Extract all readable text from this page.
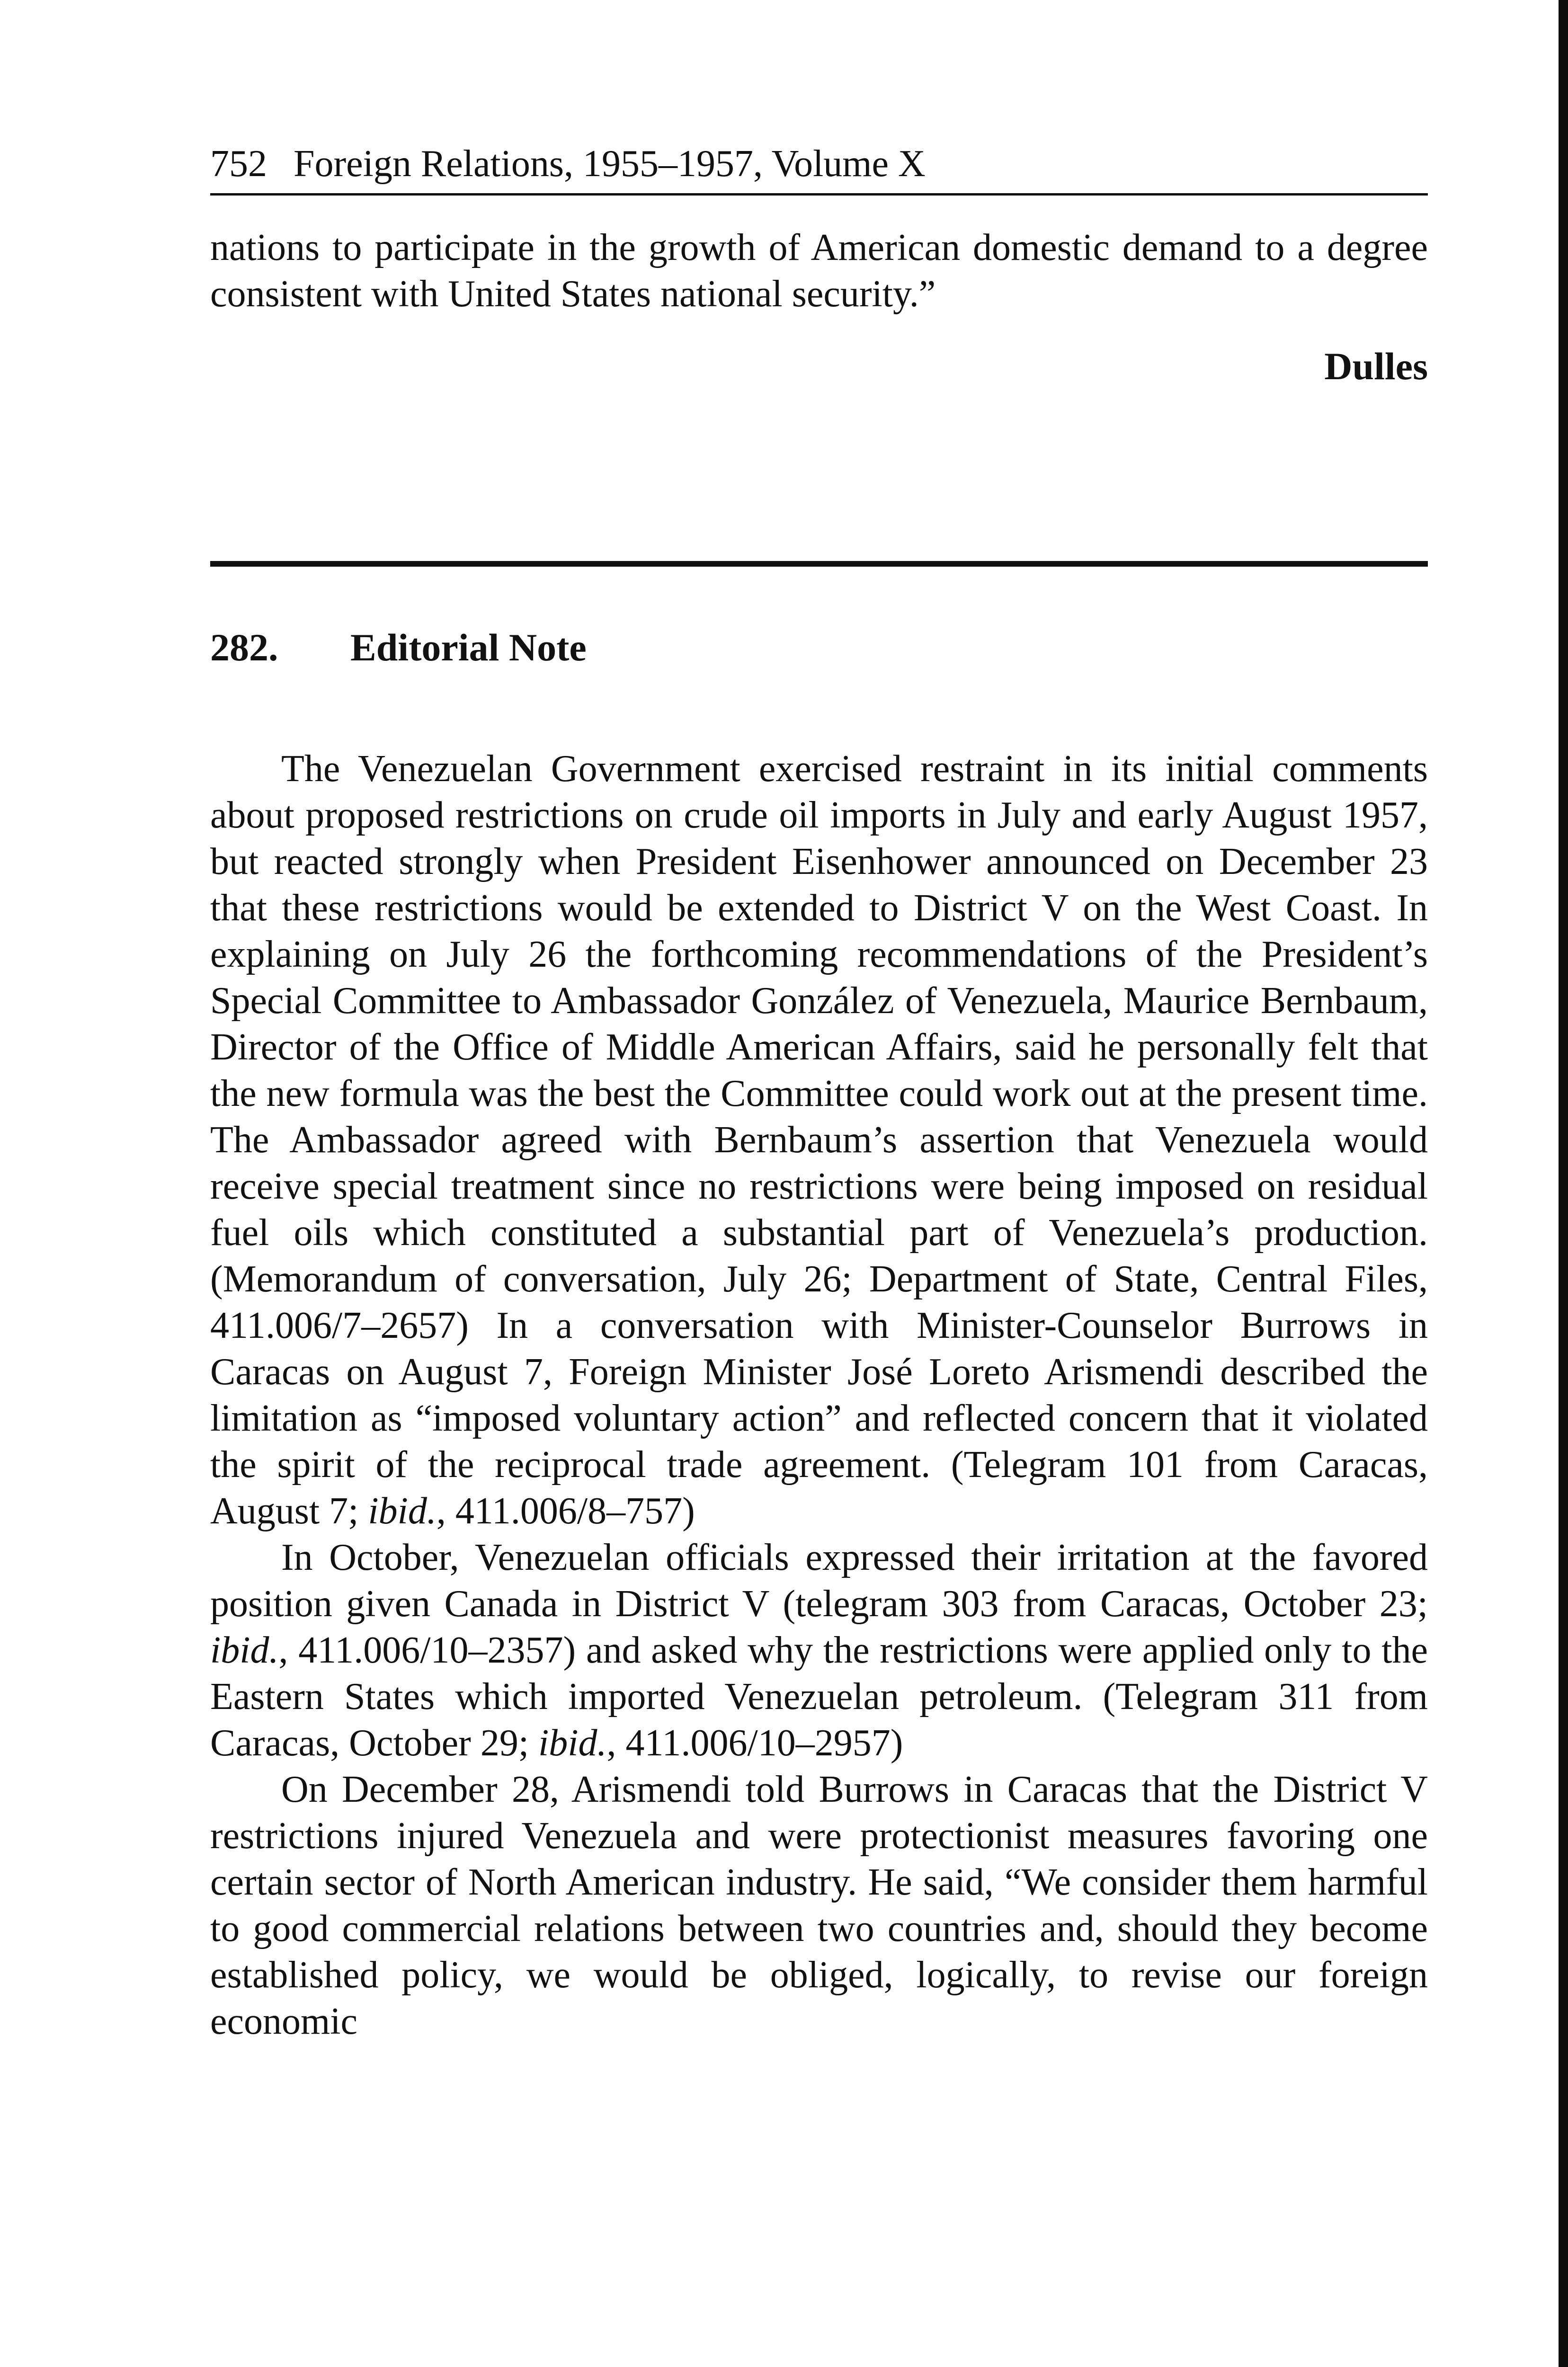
752 Foreign Relations, 1955–1957, Volume X
nations to participate in the growth of American domestic demand to a degree consistent with United States national security.”
Dulles
282. Editorial Note

The Venezuelan Government exercised restraint in its initial comments about proposed restrictions on crude oil imports in July and early August 1957, but reacted strongly when President Eisenhower announced on December 23 that these restrictions would be extended to District V on the West Coast. In explaining on July 26 the forthcoming recommendations of the President’s Special Committee to Ambassador González of Venezuela, Maurice Bernbaum, Director of the Office of Middle American Affairs, said he personally felt that the new formula was the best the Committee could work out at the present time. The Ambassador agreed with Bernbaum’s assertion that Venezuela would receive special treatment since no restrictions were being imposed on residual fuel oils which constituted a substantial part of Venezuela’s production. (Memorandum of conversation, July 26; Department of State, Central Files, 411.006/7–2657) In a conversation with Minister-Counselor Burrows in Caracas on August 7, Foreign Minister José Loreto Arismendi described the limitation as “imposed voluntary action” and reflected concern that it violated the spirit of the reciprocal trade agreement. (Telegram 101 from Caracas, August 7; ibid., 411.006/8–757)

In October, Venezuelan officials expressed their irritation at the favored position given Canada in District V (telegram 303 from Caracas, October 23; ibid., 411.006/10–2357) and asked why the restrictions were applied only to the Eastern States which imported Venezuelan petroleum. (Telegram 311 from Caracas, October 29; ibid., 411.006/10–2957)

On December 28, Arismendi told Burrows in Caracas that the District V restrictions injured Venezuela and were protectionist measures favoring one certain sector of North American industry. He said, “We consider them harmful to good commercial relations between two countries and, should they become established policy, we would be obliged, logically, to revise our foreign economic
